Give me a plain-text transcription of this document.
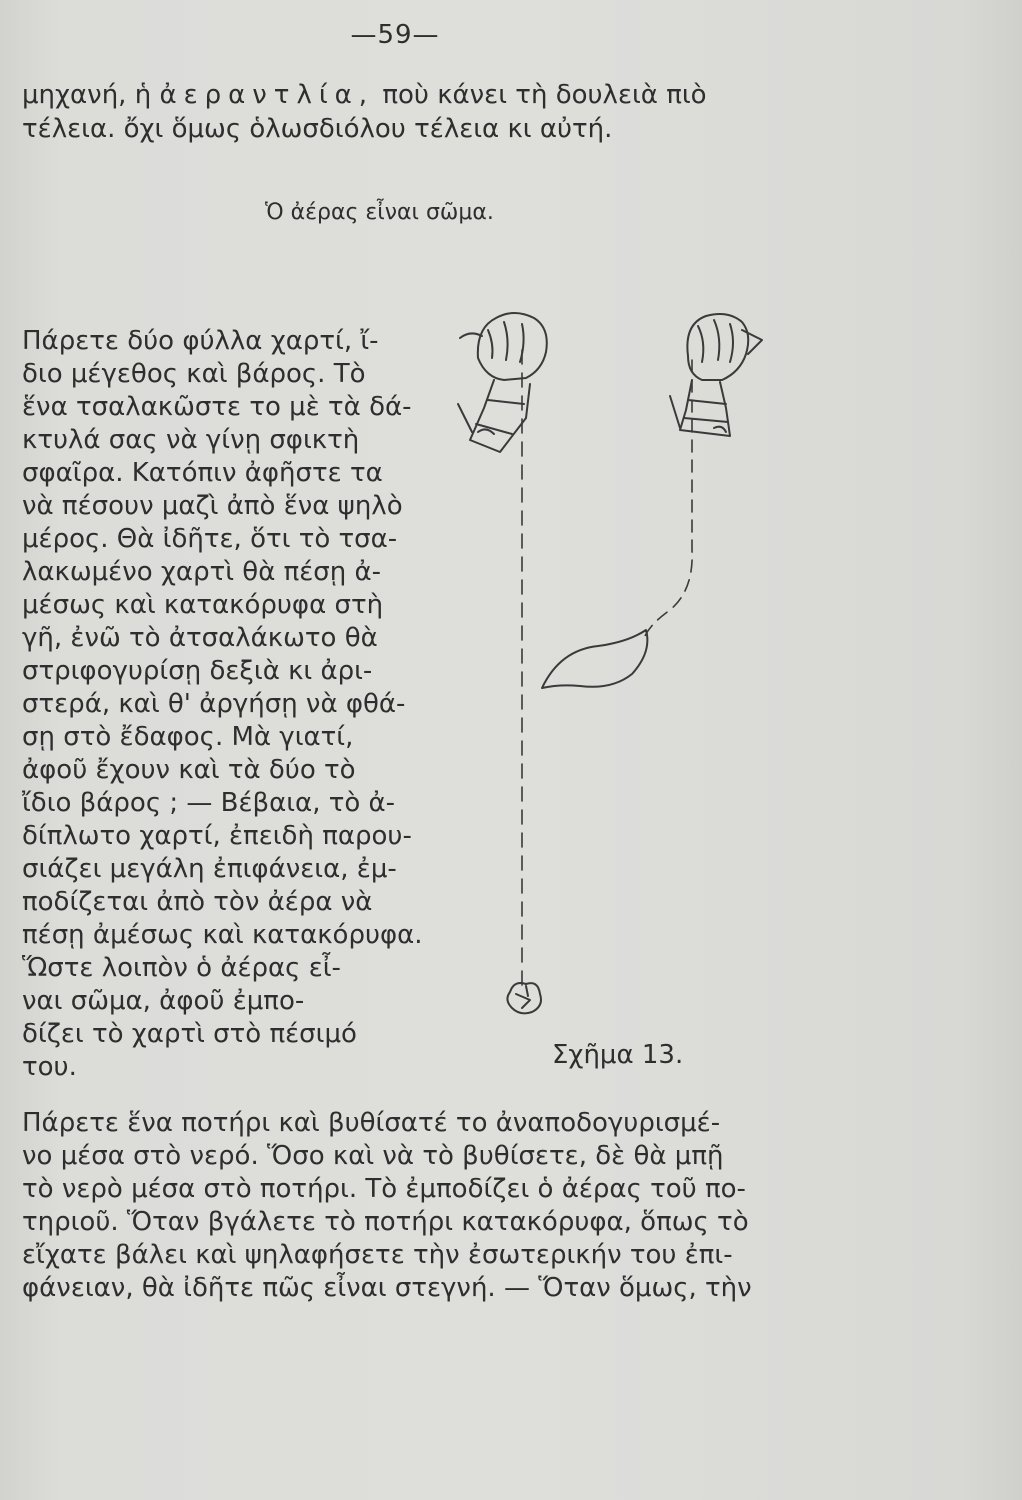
—59—
μηχανή, ἡ ἀεραντλία, ποὺ κάνει τὴ δουλειὰ πιὸ
τέλεια. ὄχι ὅμως ὁλωσδιόλου τέλεια κι αὐτή.
Ὁ ἀέρας εἶναι σῶμα.
Πάρετε δύο φύλλα χαρτί, ἴ-
διο μέγεθος καὶ βάρος. Τὸ
ἕνα τσαλακῶστε το μὲ τὰ δά-
κτυλά σας νὰ γίνῃ σφικτὴ
σφαῖρα. Κατόπιν ἀφῆστε τα
νὰ πέσουν μαζὶ ἀπὸ ἕνα ψηλὸ
μέρος. Θὰ ἰδῆτε, ὅτι τὸ τσα-
λακωμένο χαρτὶ θὰ πέσῃ ἀ-
μέσως καὶ κατακόρυφα στὴ
γῆ, ἐνῶ τὸ ἀτσαλάκωτο θὰ
στριφογυρίσῃ δεξιὰ κι ἀρι-
στερά, καὶ θ' ἀργήσῃ νὰ φθά-
σῃ στὸ ἔδαφος. Μὰ γιατί,
ἀφοῦ ἔχουν καὶ τὰ δύο τὸ
ἴδιο βάρος ; — Βέβαια, τὸ ἀ-
δίπλωτο χαρτί, ἐπειδὴ παρου-
σιάζει μεγάλη ἐπιφάνεια, ἐμ-
ποδίζεται ἀπὸ τὸν ἀέρα νὰ
πέσῃ ἀμέσως καὶ κατακόρυφα.
Ὥστε λοιπὸν ὁ ἀέρας εἶ-
ναι σῶμα, ἀφοῦ ἐμπο-
δίζει τὸ χαρτὶ στὸ πέσιμό
του.	Σχῆμα 13.
Πάρετε ἕνα ποτήρι καὶ βυθίσατέ το ἀναποδογυρισμέ-
νο μέσα στὸ νερό. Ὅσο καὶ νὰ τὸ βυθίσετε, δὲ θὰ μπῇ
τὸ νερὸ μέσα στὸ ποτήρι. Τὸ ἐμποδίζει ὁ ἀέρας τοῦ πο-
τηριοῦ. Ὅταν βγάλετε τὸ ποτήρι κατακόρυφα, ὅπως τὸ
εἴχατε βάλει καὶ ψηλαφήσετε τὴν ἐσωτερικήν του ἐπι-
φάνειαν, θὰ ἰδῆτε πῶς εἶναι στεγνή. — Ὅταν ὅμως, τὴν
